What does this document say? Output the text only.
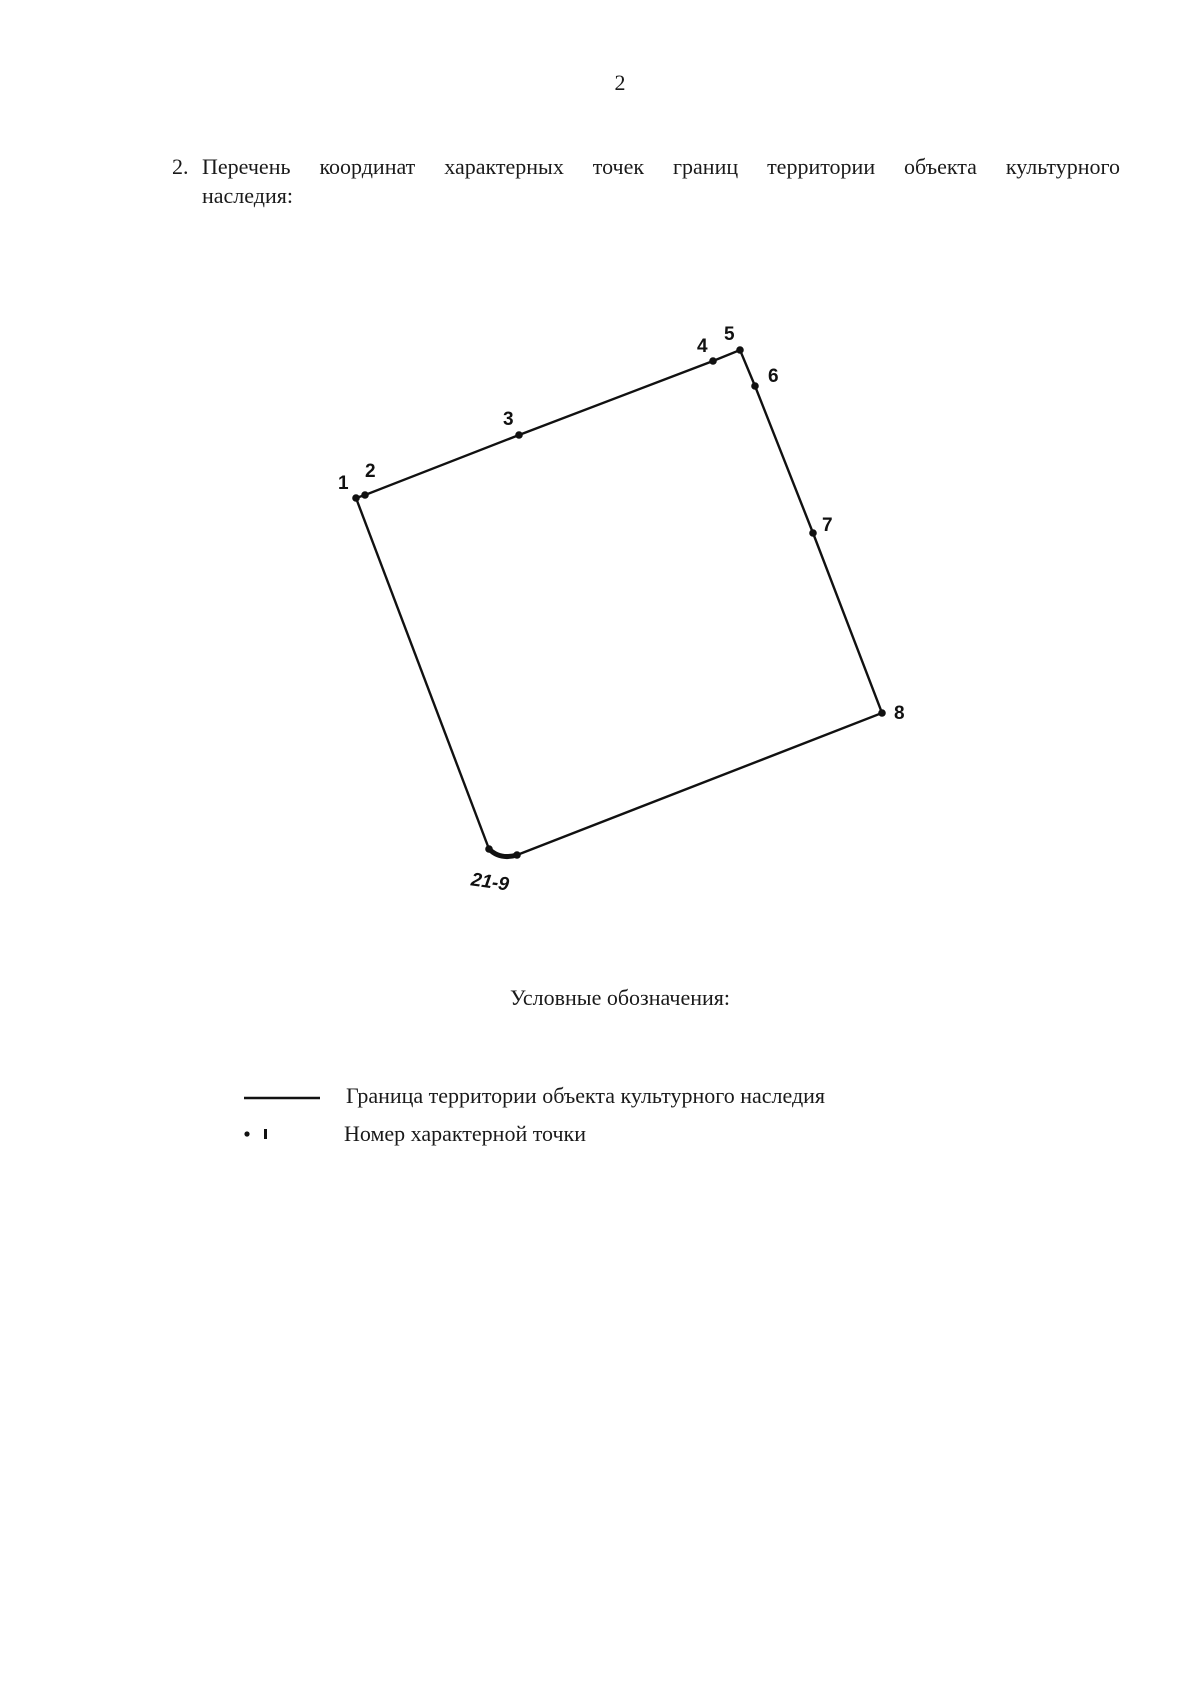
2
2. Перечень координат характерных точек границ территории объекта культурного
наследия:
1
2
3
4
5
6
7
8
21-9
Условные обозначения:
Граница территории объекта культурного наследия
Номер характерной точки
